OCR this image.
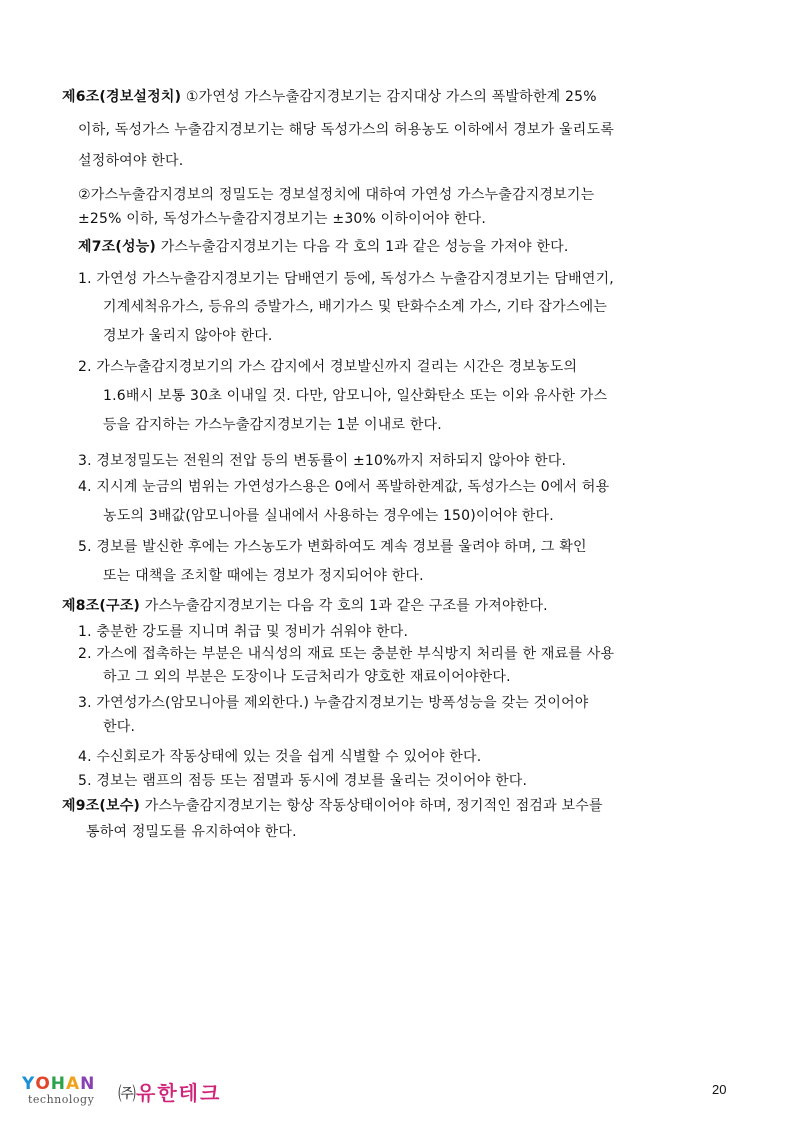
제6조(경보설정치) ①가연성 가스누출감지경보기는 감지대상 가스의 폭발하한계 25%
이하, 독성가스 누출감지경보기는 해당 독성가스의 허용농도 이하에서 경보가 울리도록
설정하여야 한다.
②가스누출감지경보의 정밀도는 경보설정치에 대하여 가연성 가스누출감지경보기는
±25% 이하, 독성가스누출감지경보기는 ±30% 이하이어야 한다.
제7조(성능) 가스누출감지경보기는 다음 각 호의 1과 같은 성능을 가져야 한다.
1. 가연성 가스누출감지경보기는 담배연기 등에, 독성가스 누출감지경보기는 담배연기,
기계세척유가스, 등유의 증발가스, 배기가스 및 탄화수소계 가스, 기타 잡가스에는
경보가 울리지 않아야 한다.
2. 가스누출감지경보기의 가스 감지에서 경보발신까지 걸리는 시간은 경보농도의
1.6배시 보통 30초 이내일 것. 다만, 암모니아, 일산화탄소 또는 이와 유사한 가스
등을 감지하는 가스누출감지경보기는 1분 이내로 한다.
3. 경보정밀도는 전원의 전압 등의 변동률이 ±10%까지 저하되지 않아야 한다.
4. 지시계 눈금의 범위는 가연성가스용은 0에서 폭발하한계값, 독성가스는 0에서 허용
농도의 3배값(암모니아를 실내에서 사용하는 경우에는 150)이어야 한다.
5. 경보를 발신한 후에는 가스농도가 변화하여도 계속 경보를 울려야 하며, 그 확인
또는 대책을 조치할 때에는 경보가 정지되어야 한다.
제8조(구조) 가스누출감지경보기는 다음 각 호의 1과 같은 구조를 가져야한다.
1. 충분한 강도를 지니며 취급 및 정비가 쉬워야 한다.
2. 가스에 접촉하는 부분은 내식성의 재료 또는 충분한 부식방지 처리를 한 재료를 사용
하고 그 외의 부분은 도장이나 도금처리가 양호한 재료이어야한다.
3. 가연성가스(암모니아를 제외한다.) 누출감지경보기는 방폭성능을 갖는 것이어야
한다.
4. 수신회로가 작동상태에 있는 것을 쉽게 식별할 수 있어야 한다.
5. 경보는 램프의 점등 또는 점멸과 동시에 경보를 울리는 것이어야 한다.
제9조(보수) 가스누출감지경보기는 항상 작동상태이어야 하며, 정기적인 점검과 보수를
통하여 정밀도를 유지하여야 한다.
YOHAN
technology ㈜유한테크	20
